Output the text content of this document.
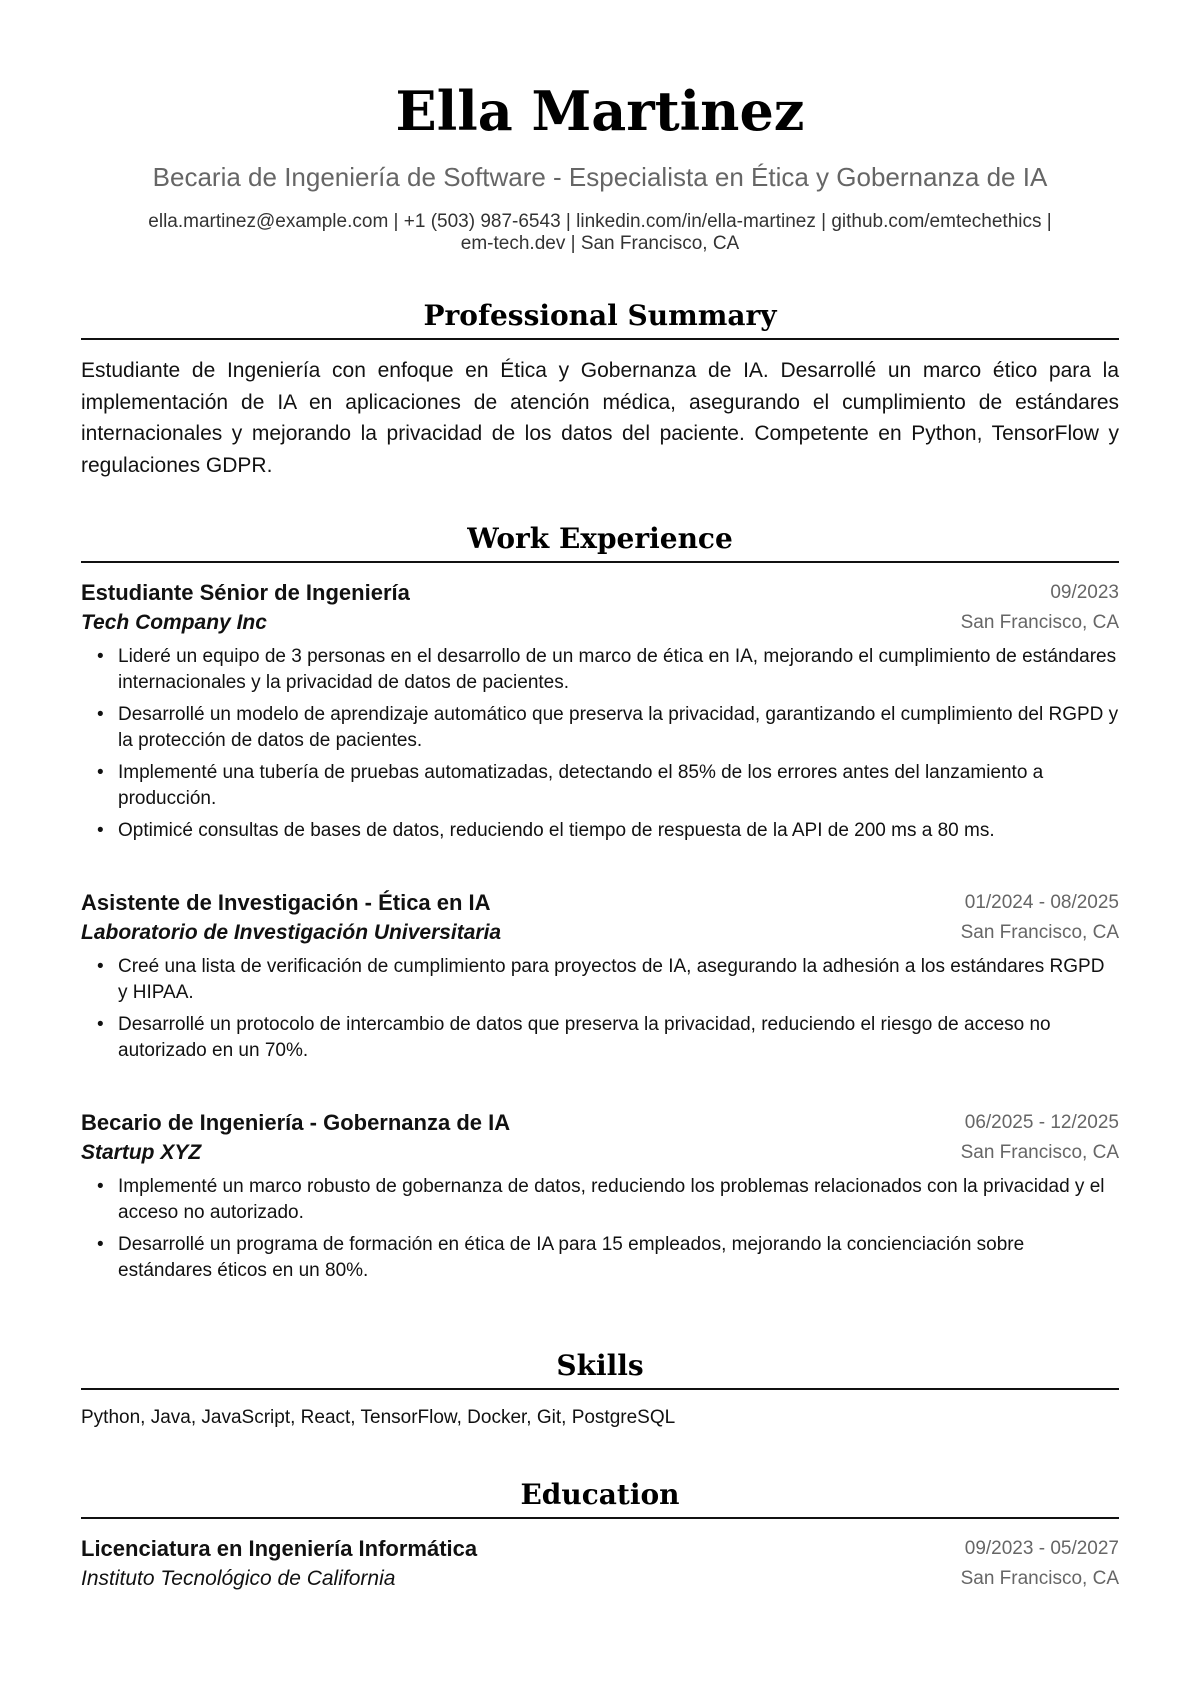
Ella Martinez
Becaria de Ingeniería de Software - Especialista en Ética y Gobernanza de IA
ella.martinez@example.com | +1 (503) 987-6543 | linkedin.com/in/ella-martinez | github.com/emtechethics |
em-tech.dev | San Francisco, CA
Professional Summary
Estudiante de Ingeniería con enfoque en Ética y Gobernanza de IA. Desarrollé un marco ético para la implementación de IA en aplicaciones de atención médica, asegurando el cumplimiento de estándares internacionales y mejorando la privacidad de los datos del paciente. Competente en Python, TensorFlow y regulaciones GDPR.
Work Experience
Estudiante Sénior de Ingeniería	09/2023
Tech Company Inc	San Francisco, CA
• Lideré un equipo de 3 personas en el desarrollo de un marco de ética en IA, mejorando el cumplimiento de estándares internacionales y la privacidad de datos de pacientes.
• Desarrollé un modelo de aprendizaje automático que preserva la privacidad, garantizando el cumplimiento del RGPD y la protección de datos de pacientes.
• Implementé una tubería de pruebas automatizadas, detectando el 85% de los errores antes del lanzamiento a producción.
• Optimicé consultas de bases de datos, reduciendo el tiempo de respuesta de la API de 200 ms a 80 ms.
Asistente de Investigación - Ética en IA	01/2024 - 08/2025
Laboratorio de Investigación Universitaria	San Francisco, CA
• Creé una lista de verificación de cumplimiento para proyectos de IA, asegurando la adhesión a los estándares RGPD y HIPAA.
• Desarrollé un protocolo de intercambio de datos que preserva la privacidad, reduciendo el riesgo de acceso no autorizado en un 70%.
Becario de Ingeniería - Gobernanza de IA	06/2025 - 12/2025
Startup XYZ	San Francisco, CA
• Implementé un marco robusto de gobernanza de datos, reduciendo los problemas relacionados con la privacidad y el acceso no autorizado.
• Desarrollé un programa de formación en ética de IA para 15 empleados, mejorando la concienciación sobre estándares éticos en un 80%.
Skills
Python, Java, JavaScript, React, TensorFlow, Docker, Git, PostgreSQL
Education
Licenciatura en Ingeniería Informática	09/2023 - 05/2027
Instituto Tecnológico de California	San Francisco, CA
